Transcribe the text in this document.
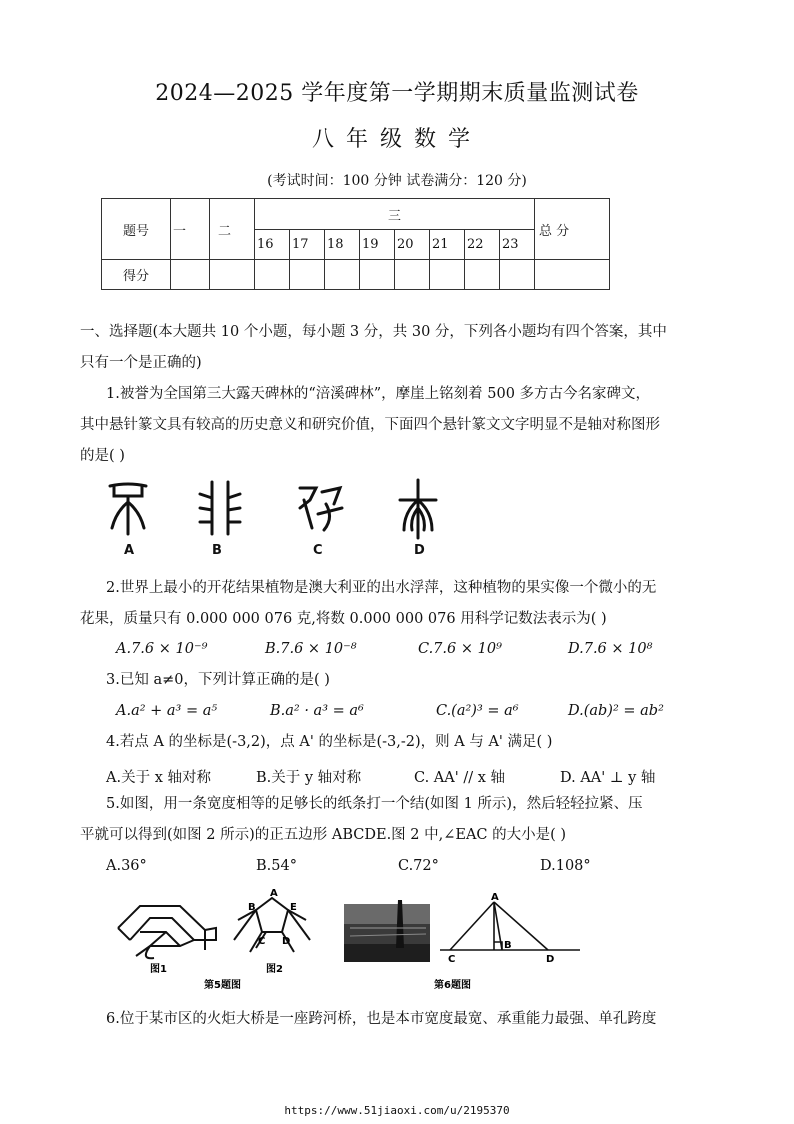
2024—2025 学年度第一学期期末质量监测试卷
八年级数学
(考试时间：100 分钟 试卷满分：120 分)
题号	一	二	三								总 分
			16	17	18	19	20	21	22	23	
得分											
一、选择题(本大题共 10 个小题，每小题 3 分，共 30 分，下列各小题均有四个答案，其中
只有一个是正确的)
1.被誉为全国第三大露天碑林的“涪溪碑林”，摩崖上铭刻着 500 多方古今名家碑文，
其中悬针篆文具有较高的历史意义和研究价值，下面四个悬针篆文文字明显不是轴对称图形
的是( )
A	B	C	D
2.世界上最小的开花结果植物是澳大利亚的出水浮萍，这种植物的果实像一个微小的无
花果，质量只有 0.000 000 076 克,将数 0.000 000 076 用科学记数法表示为( )
A.7.6 × 10⁻⁹	B.7.6 × 10⁻⁸	C.7.6 × 10⁹	D.7.6 × 10⁸
3.已知 a≠0，下列计算正确的是( )
A.a² + a³ = a⁵	B.a² · a³ = a⁶	C.(a²)³ = a⁶	D.(ab)² = ab²
4.若点 A 的坐标是(-3,2)，点 A' 的坐标是(-3,-2)，则 A 与 A' 满足( )
A.关于 x 轴对称	B.关于 y 轴对称	C. AA' // x 轴	D. AA' ⊥ y 轴
5.如图，用一条宽度相等的足够长的纸条打一个结(如图 1 所示)，然后轻轻拉紧、压
平就可以得到(如图 2 所示)的正五边形 ABCDE.图 2 中,∠EAC 的大小是( )
A.36°	B.54°	C.72°	D.108°
图1
A
B
C D
E
图2
第5题图
A
B
C	D
第6题图
6.位于某市区的火炬大桥是一座跨河桥，也是本市宽度最宽、承重能力最强、单孔跨度
https://www.51jiaoxi.com/u/2195370
